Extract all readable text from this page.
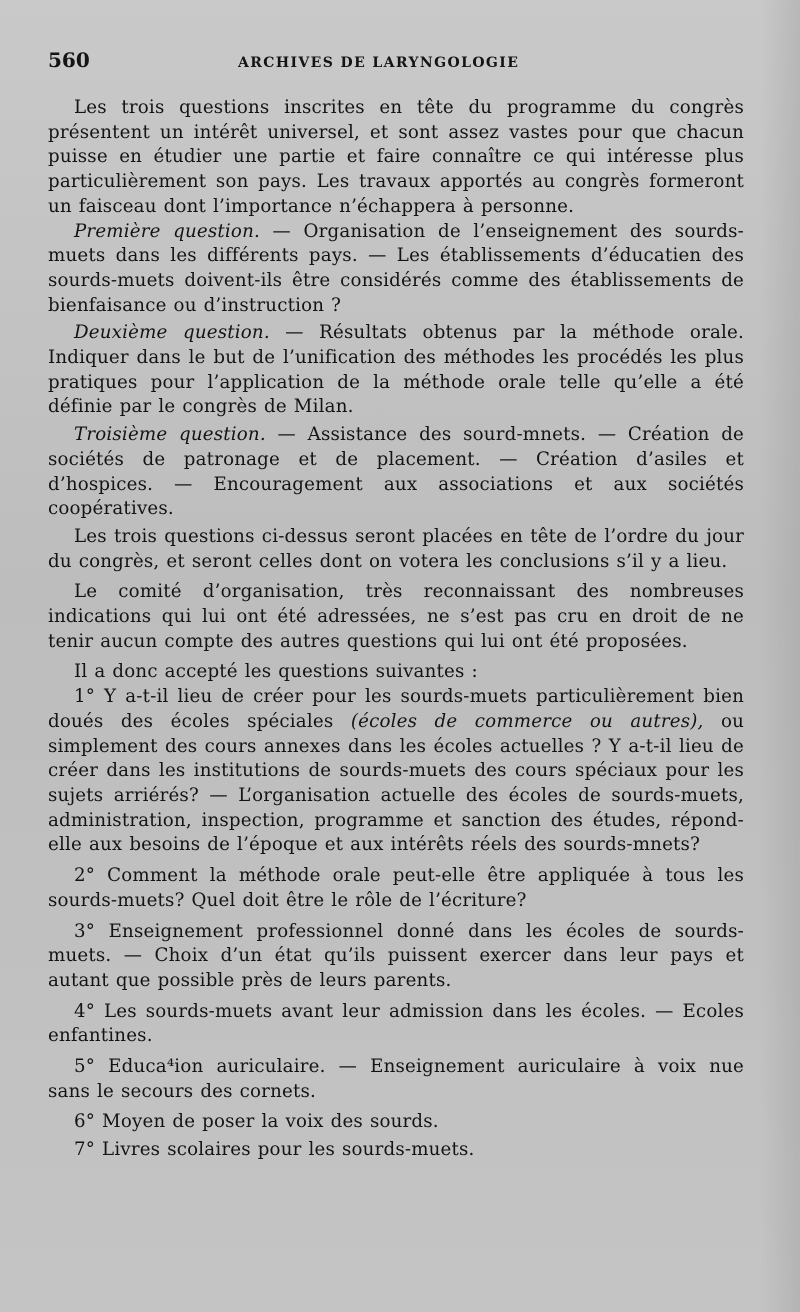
560	ARCHIVES DE LARYNGOLOGIE

Les trois questions inscrites en tête du programme du congrès présentent un intérêt universel, et sont assez vastes pour que chacun puisse en étudier une partie et faire connaître ce qui intéresse plus particulièrement son pays. Les travaux apportés au congrès formeront un faisceau dont l’importance n’échappera à personne.

Première question. — Organisation de l’enseignement des sourds-muets dans les différents pays. — Les établissements d’éducatien des sourds-muets doivent-ils être considérés comme des établissements de bienfaisance ou d’instruction ?

Deuxième question. — Résultats obtenus par la méthode orale. Indiquer dans le but de l’unification des méthodes les procédés les plus pratiques pour l’application de la méthode orale telle qu’elle a été définie par le congrès de Milan.

Troisième question. — Assistance des sourd-mnets. — Création de sociétés de patronage et de placement. — Création d’asiles et d’hospices. — Encouragement aux associations et aux sociétés coopératives.

Les trois questions ci-dessus seront placées en tête de l’ordre du jour du congrès, et seront celles dont on votera les conclusions s’il y a lieu.

Le comité d’organisation, très reconnaissant des nombreuses indications qui lui ont été adressées, ne s’est pas cru en droit de ne tenir aucun compte des autres questions qui lui ont été proposées.

Il a donc accepté les questions suivantes :

1° Y a-t-il lieu de créer pour les sourds-muets particulièrement bien doués des écoles spéciales (écoles de commerce ou autres), ou simplement des cours annexes dans les écoles actuelles ? Y a-t-il lieu de créer dans les institutions de sourds-muets des cours spéciaux pour les sujets arriérés? — L’organisation actuelle des écoles de sourds-muets, administration, inspection, programme et sanction des études, répond-elle aux besoins de l’époque et aux intérêts réels des sourds-mnets?

2° Comment la méthode orale peut-elle être appliquée à tous les sourds-muets? Quel doit être le rôle de l’écriture?

3° Enseignement professionnel donné dans les écoles de sourds-muets. — Choix d’un état qu’ils puissent exercer dans leur pays et autant que possible près de leurs parents.

4° Les sourds-muets avant leur admission dans les écoles. — Ecoles enfantines.

5° Educa⁴ion auriculaire. — Enseignement auriculaire à voix nue sans le secours des cornets.

6° Moyen de poser la voix des sourds.

7° Livres scolaires pour les sourds-muets.
